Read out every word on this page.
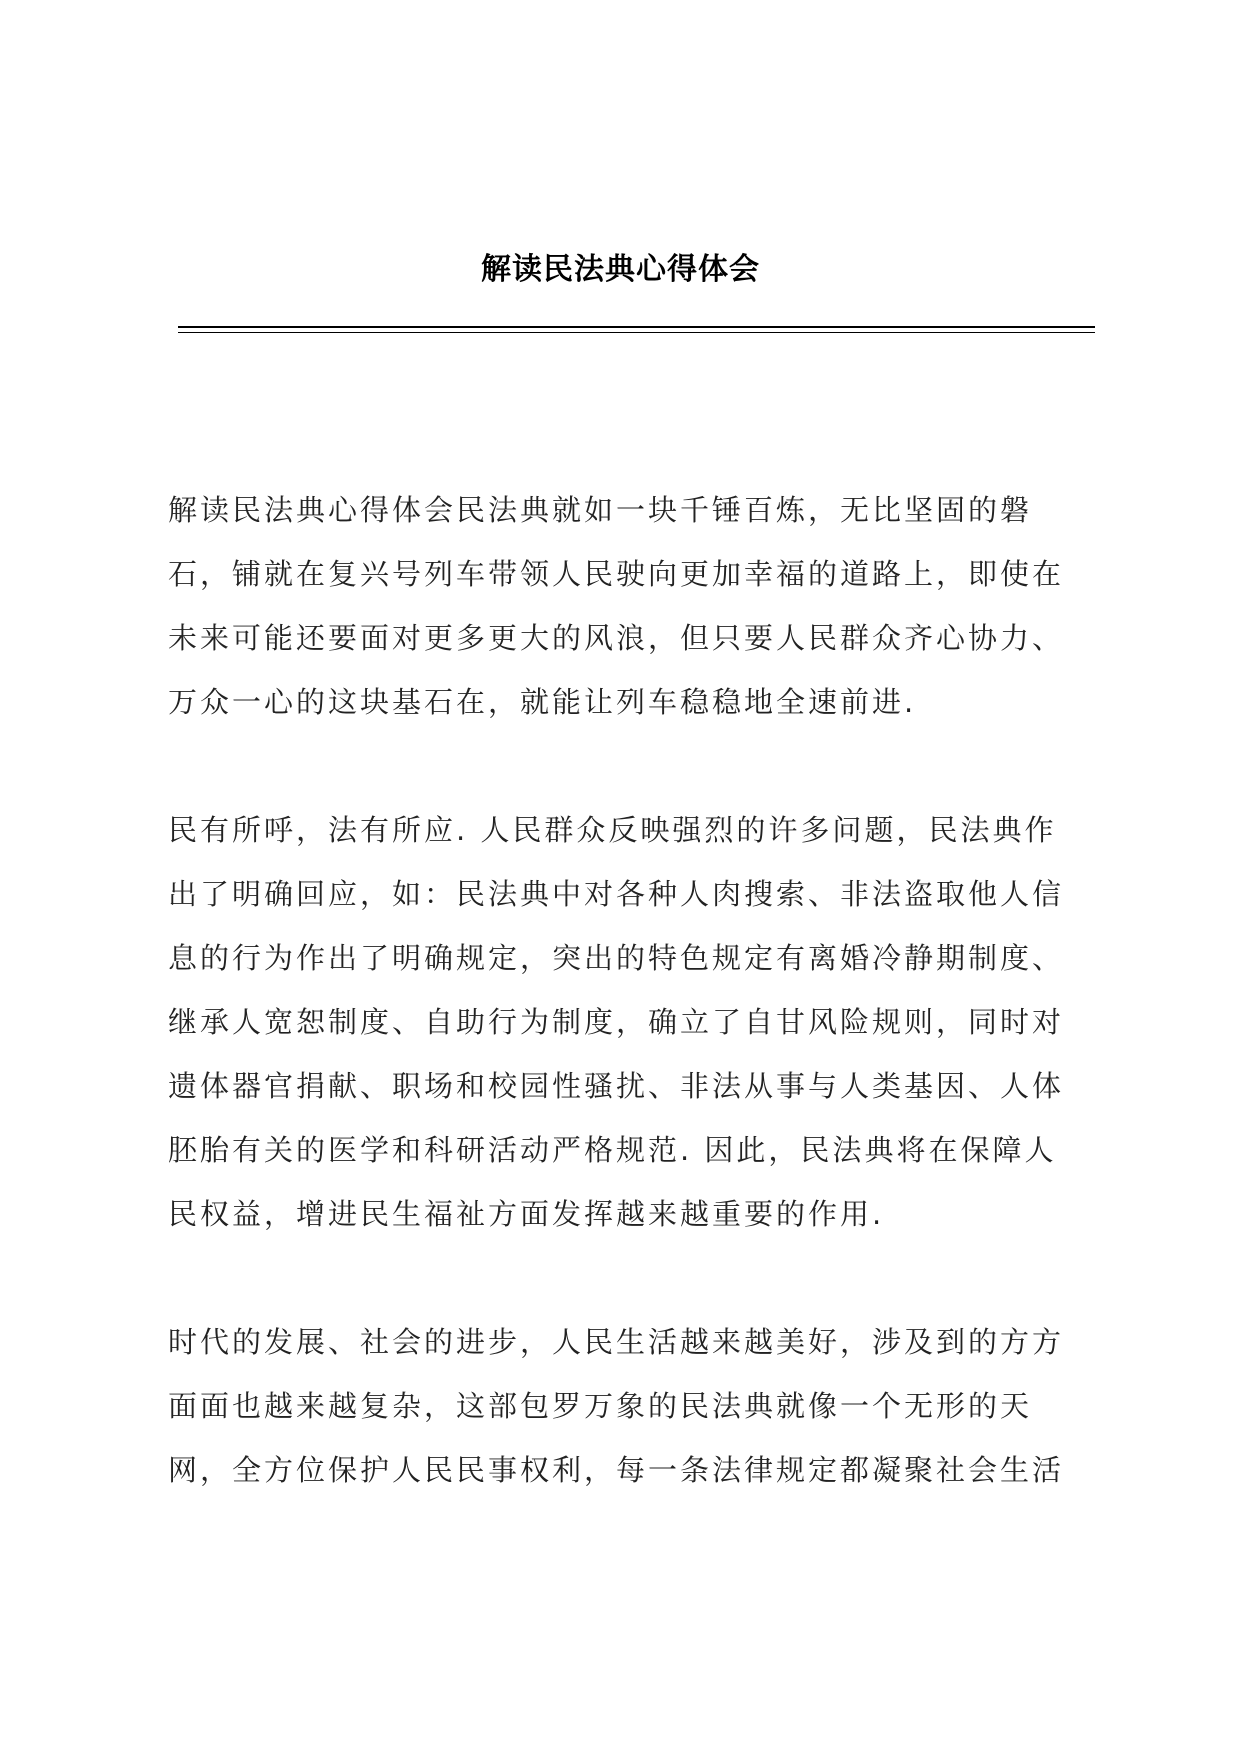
解读民法典心得体会

解读民法典心得体会民法典就如一块千锤百炼，无比坚固的磐
石，铺就在复兴号列车带领人民驶向更加幸福的道路上，即使在
未来可能还要面对更多更大的风浪，但只要人民群众齐心协力、
万众一心的这块基石在，就能让列车稳稳地全速前进.

民有所呼，法有所应. 人民群众反映强烈的许多问题，民法典作
出了明确回应，如：民法典中对各种人肉搜索、非法盗取他人信
息的行为作出了明确规定，突出的特色规定有离婚冷静期制度、
继承人宽恕制度、自助行为制度，确立了自甘风险规则，同时对
遗体器官捐献、职场和校园性骚扰、非法从事与人类基因、人体
胚胎有关的医学和科研活动严格规范. 因此，民法典将在保障人
民权益，增进民生福祉方面发挥越来越重要的作用.

时代的发展、社会的进步，人民生活越来越美好，涉及到的方方
面面也越来越复杂，这部包罗万象的民法典就像一个无形的天
网，全方位保护人民民事权利，每一条法律规定都凝聚社会生活
